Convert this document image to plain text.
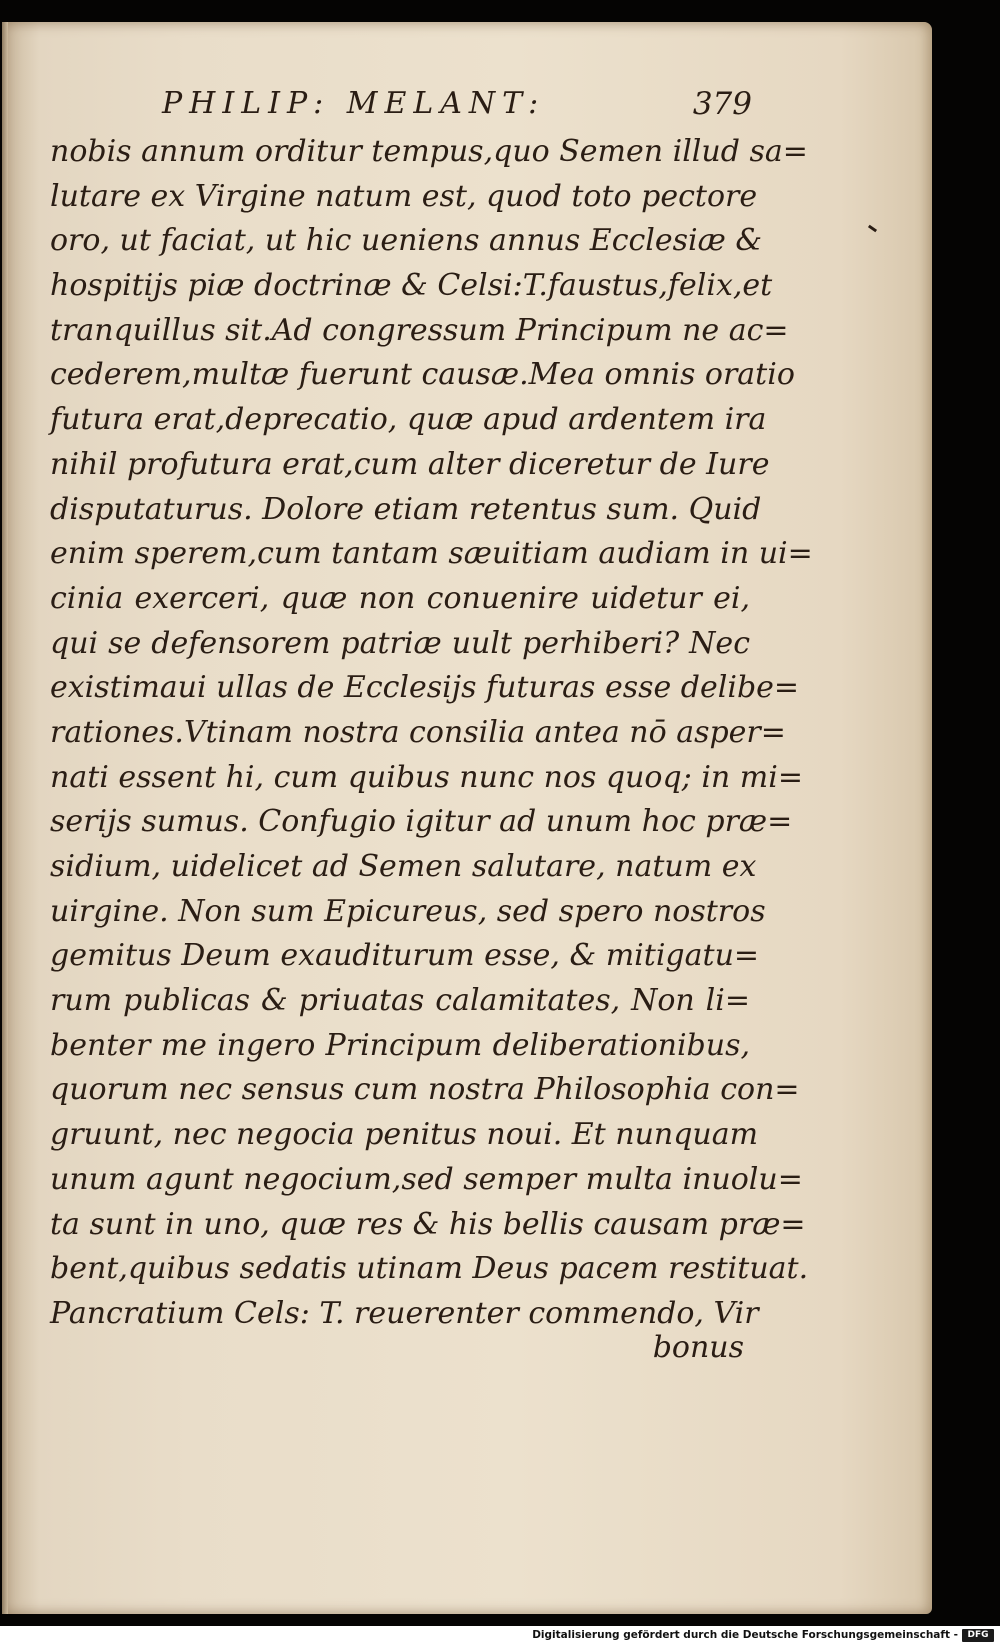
PHILIP: MELANT:	379
nobis annum orditur tempus,quo Semen illud sa=
lutare ex Virgine natum est, quod toto pectore
oro, ut faciat, ut hic ueniens annus Ecclesiæ &
hospitijs piæ doctrinæ & Celsi:T.faustus,felix,et
tranquillus sit.Ad congressum Principum ne ac=
cederem,multæ fuerunt causæ.Mea omnis oratio
futura erat,deprecatio, quæ apud ardentem ira
nihil profutura erat,cum alter diceretur de Iure
disputaturus. Dolore etiam retentus sum. Quid
enim sperem,cum tantam sæuitiam audiam in ui=
cinia exerceri, quæ non conuenire uidetur ei,
qui se defensorem patriæ uult perhiberi? Nec
existimaui ullas de Ecclesijs futuras esse delibe=
rationes.Vtinam nostra consilia antea nō asper=
nati essent hi, cum quibus nunc nos quoq; in mi=
serijs sumus. Confugio igitur ad unum hoc præ=
sidium, uidelicet ad Semen salutare, natum ex
uirgine. Non sum Epicureus, sed spero nostros
gemitus Deum exauditurum esse, & mitigatu=
rum publicas & priuatas calamitates, Non li=
benter me ingero Principum deliberationibus,
quorum nec sensus cum nostra Philosophia con=
gruunt, nec negocia penitus noui. Et nunquam
unum agunt negocium,sed semper multa inuolu=
ta sunt in uno, quæ res & his bellis causam præ=
bent,quibus sedatis utinam Deus pacem restituat.
Pancratium Cels: T. reuerenter commendo, Vir
bonus
Digitalisierung gefördert durch die Deutsche Forschungsgemeinschaft -	DFG
